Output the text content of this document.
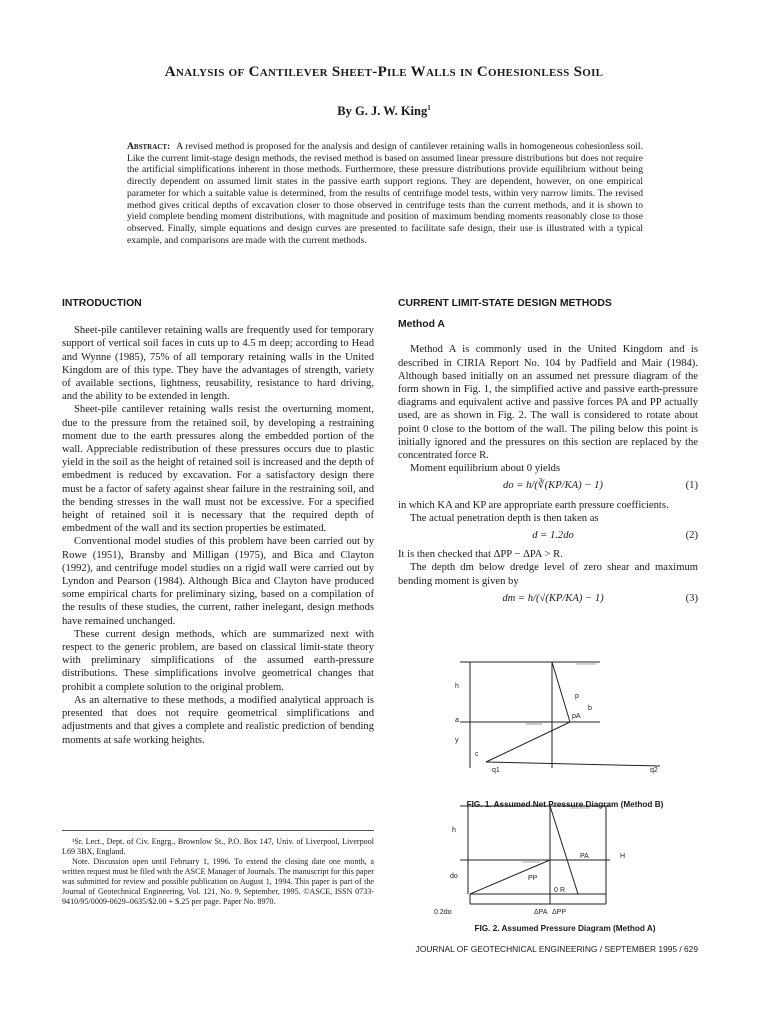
Analysis of Cantilever Sheet-Pile Walls in Cohesionless Soil
By G. J. W. King$^1$
Abstract: A revised method is proposed for the analysis and design of cantilever retaining walls in homogeneous cohesionless soil. Like the current limit-stage design methods, the revised method is based on assumed linear pressure distributions but does not require the artificial simplifications inherent in those methods. Furthermore, these pressure distributions provide equilibrium without being directly dependent on assumed limit states in the passive earth support regions. They are dependent, however, on one empirical parameter for which a suitable value is determined, from the results of centrifuge model tests, within very narrow limits. The revised method gives critical depths of excavation closer to those observed in centrifuge tests than the current methods, and it is shown to yield complete bending moment distributions, with magnitude and position of maximum bending moments reasonably close to those observed. Finally, simple equations and design curves are presented to facilitate safe design, their use is illustrated with a typical example, and comparisons are made with the current methods.
INTRODUCTION

Sheet-pile cantilever retaining walls are frequently used for temporary support of vertical soil faces in cuts up to 4.5 m deep; according to Head and Wynne (1985), 75% of all temporary retaining walls in the United Kingdom are of this type. They have the advantages of strength, variety of available sections, lightness, reusability, resistance to hard driving, and the ability to be extended in length.

Sheet-pile cantilever retaining walls resist the overturning moment, due to the pressure from the retained soil, by developing a restraining moment due to the earth pressures along the embedded portion of the wall. Appreciable redistribution of these pressures occurs due to plastic yield in the soil as the height of retained soil is increased and the depth of embedment is reduced by excavation. For a satisfactory design there must be a factor of safety against shear failure in the restraining soil, and the bending stresses in the wall must not be excessive. For a specified height of retained soil it is necessary that the required depth of embedment of the wall and its section properties be estimated.

Conventional model studies of this problem have been carried out by Rowe (1951), Bransby and Milligan (1975), and Bica and Clayton (1992), and centrifuge model studies on a rigid wall were carried out by Lyndon and Pearson (1984). Although Bica and Clayton have produced some empirical charts for preliminary sizing, based on a compilation of the results of these studies, the current, rather inelegant, design methods have remained unchanged.

These current design methods, which are summarized next with respect to the generic problem, are based on classical limit-state theory with preliminary simplifications of the assumed earth-pressure distributions. These simplifications involve geometrical changes that prohibit a complete solution to the original problem.

As an alternative to these methods, a modified analytical approach is presented that does not require geometrical simplifications and adjustments and that gives a complete and realistic prediction of bending moments at safe working heights.

CURRENT LIMIT-STATE DESIGN METHODS
Method A

Method A is commonly used in the United Kingdom and is described in CIRIA Report No. 104 by Padfield and Mair (1984). Although based initially on an assumed net pressure diagram of the form shown in Fig. 1, the simplified active and passive earth-pressure diagrams and equivalent active and passive forces PA and PP actually used, are as shown in Fig. 2. The wall is considered to rotate about point 0 close to the bottom of the wall. The piling below this point is initially ignored and the pressures on this section are replaced by the concentrated force R.

Moment equilibrium about 0 yields

do = h/(∛(KP/KA) − 1)	(1)

in which KA and KP are appropriate earth pressure coefficients.

The actual penetration depth is then taken as

d = 1.2do	(2)

It is then checked that ΔPP − ΔPA > R.

The depth dm below dredge level of zero shear and maximum bending moment is given by

dm = h/(√(KP/KA) − 1)	(3)
h
p
pA
b
a
y
c
q1	q2
FIG. 1. Assumed Net Pressure Diagram (Method B)
h
PA	H
do	PP
0 R
ΔPA ΔPP
0.2do
FIG. 2. Assumed Pressure Diagram (Method A)

¹Sr. Lect., Dept. of Civ. Engrg., Brownlow St., P.O. Box 147, Univ. of Liverpool, Liverpool L69 3BX, England.

Note. Discussion open until February 1, 1996. To extend the closing date one month, a written request must be filed with the ASCE Manager of Journals. The manuscript for this paper was submitted for review and possible publication on August 1, 1994. This paper is part of the Journal of Geotechnical Engineering, Vol. 121, No. 9, September, 1995. ©ASCE, ISSN 0733-9410/95/0009-0629–0635/$2.00 + $.25 per page. Paper No. 8970.

JOURNAL OF GEOTECHNICAL ENGINEERING / SEPTEMBER 1995 / 629
